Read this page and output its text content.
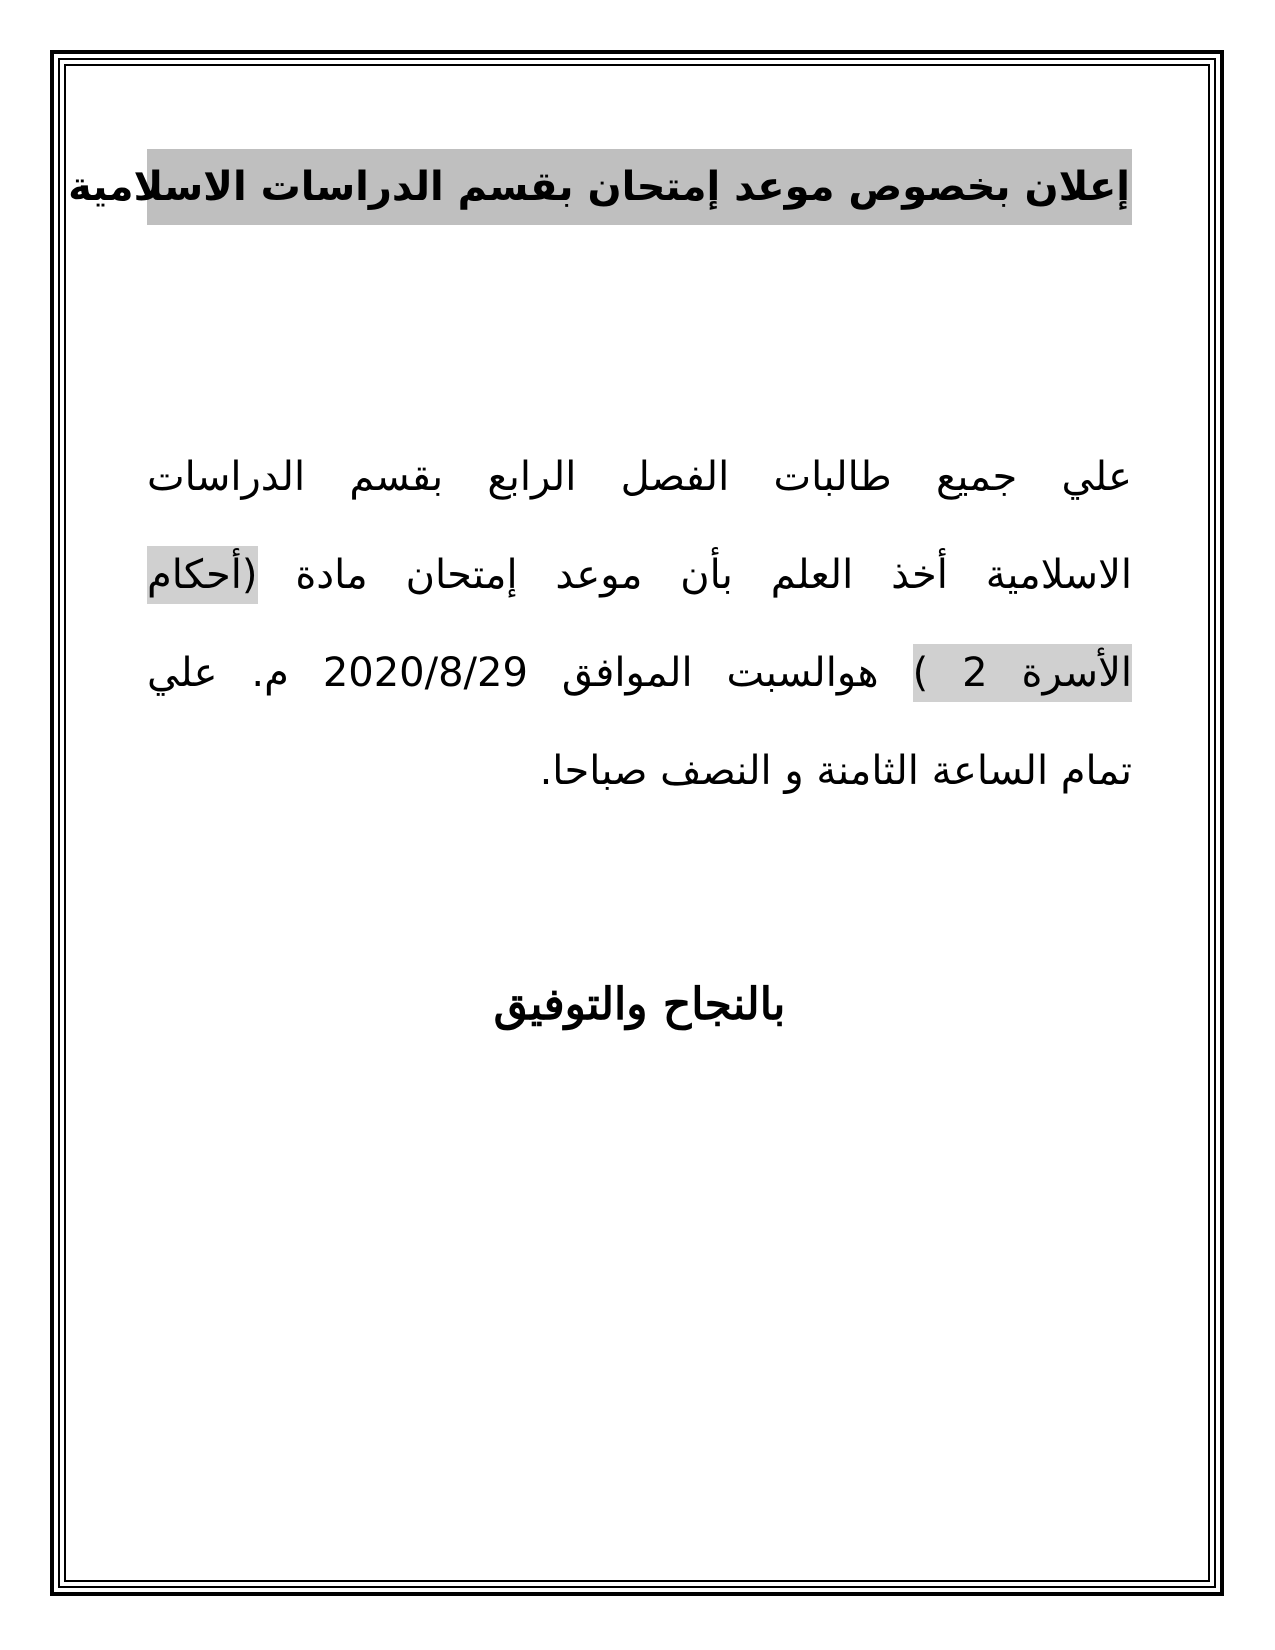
إعلان بخصوص موعد إمتحان بقسم الدراسات الاسلامية
علي جميع طالبات الفصل الرابع بقسم الدراسات
الاسلامية أخذ العلم بأن موعد إمتحان مادة (أحكام
الأسرة 2 ) هوالسبت الموافق 2020/8/29 م. علي
تمام الساعة الثامنة و النصف صباحا.
بالنجاح والتوفيق
